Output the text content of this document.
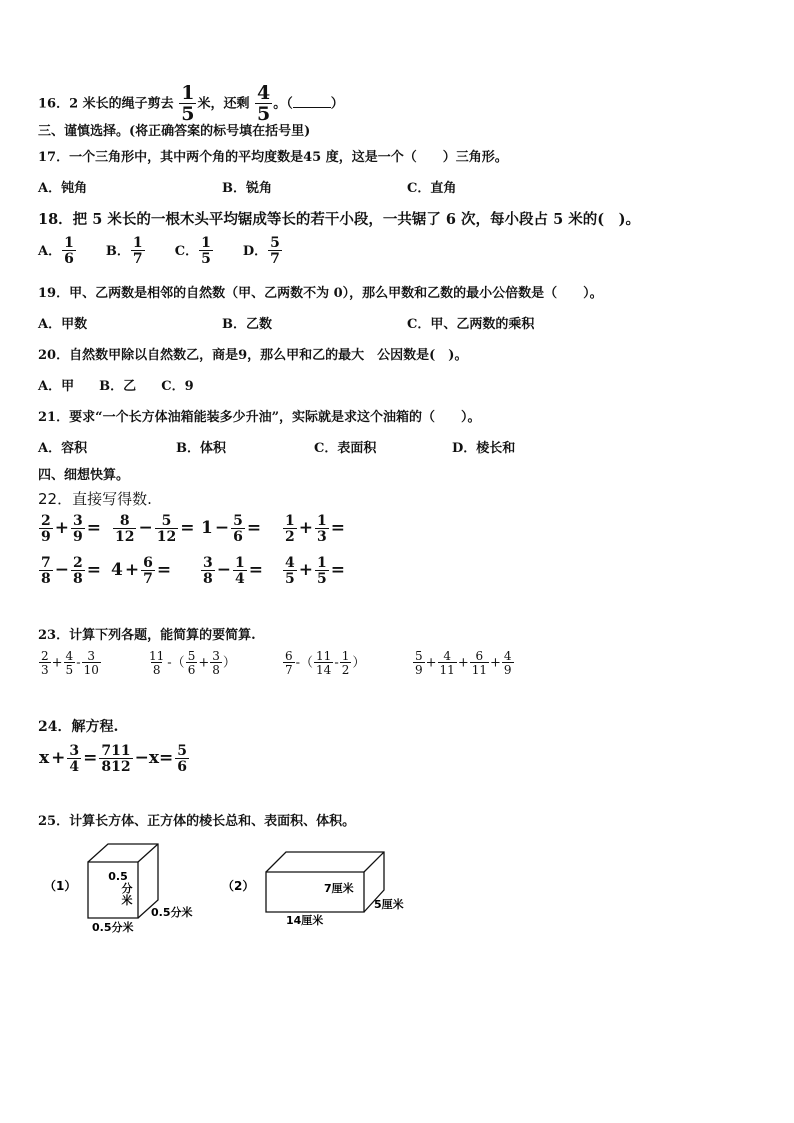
16．2 米长的绳子剪去 $\frac{1}{5}$ 米，还剩 $\frac{4}{5}$ 。（	）
三、谨慎选择。(将正确答案的标号填在括号里)
17．一个三角形中，其中两个角的平均度数是45 度，这是一个（　　）三角形。
A．钝角	B．锐角	C．直角
18．把 5 米长的一根木头平均锯成等长的若干小段，一共锯了 6 次，每小段占 5 米的(　)。
A． $\frac{1}{6}$ B． $\frac{1}{7}$ C． $\frac{1}{5}$ D． $\frac{5}{7}$
19．甲、乙两数是相邻的自然数（甲、乙两数不为 0），那么甲数和乙数的最小公倍数是（　　）。
A．甲数	B．乙数	C．甲、乙两数的乘积
20．自然数甲除以自然数乙，商是9，那么甲和乙的最大　公因数是(　)。
A．甲 B．乙 C．9
21．要求“一个长方体油箱能装多少升油”，实际就是求这个油箱的（　　）。
A．容积	B．体积	C．表面积	D．棱长和
四、细想快算。
22．直接写得数.
$\frac{2}{9} + \frac{3}{9} = \frac{8}{12} - \frac{5}{12} = 1 - \frac{5}{6} = \frac{1}{2} + \frac{1}{3}$ =
$\frac{7}{8} - \frac{2}{8} = 4 + \frac{6}{7} = \frac{3}{8} - \frac{1}{4} = \frac{4}{5} + \frac{1}{5}$ =
23．计算下列各题，能简算的要简算.
$\frac{2}{3} + \frac{4}{5} - \frac{3}{10}$	$\frac{11}{8}$ -（ $\frac{5}{6} + \frac{3}{8}$ ）	$\frac{6}{7}$ -（ $\frac{11}{14} - \frac{1}{2}$ ）	$\frac{5}{9} + \frac{4}{11} + \frac{6}{11} + \frac{4}{9}$
24．解方程.
$x + \frac{3}{4} = \frac{711}{812} -x= \frac{5}{6}$
25．计算长方体、正方体的棱长总和、表面积、体积。
（1）
0.5
分
米
0.5分米
0.5分米
（2）	7厘米
5厘米
14厘米
